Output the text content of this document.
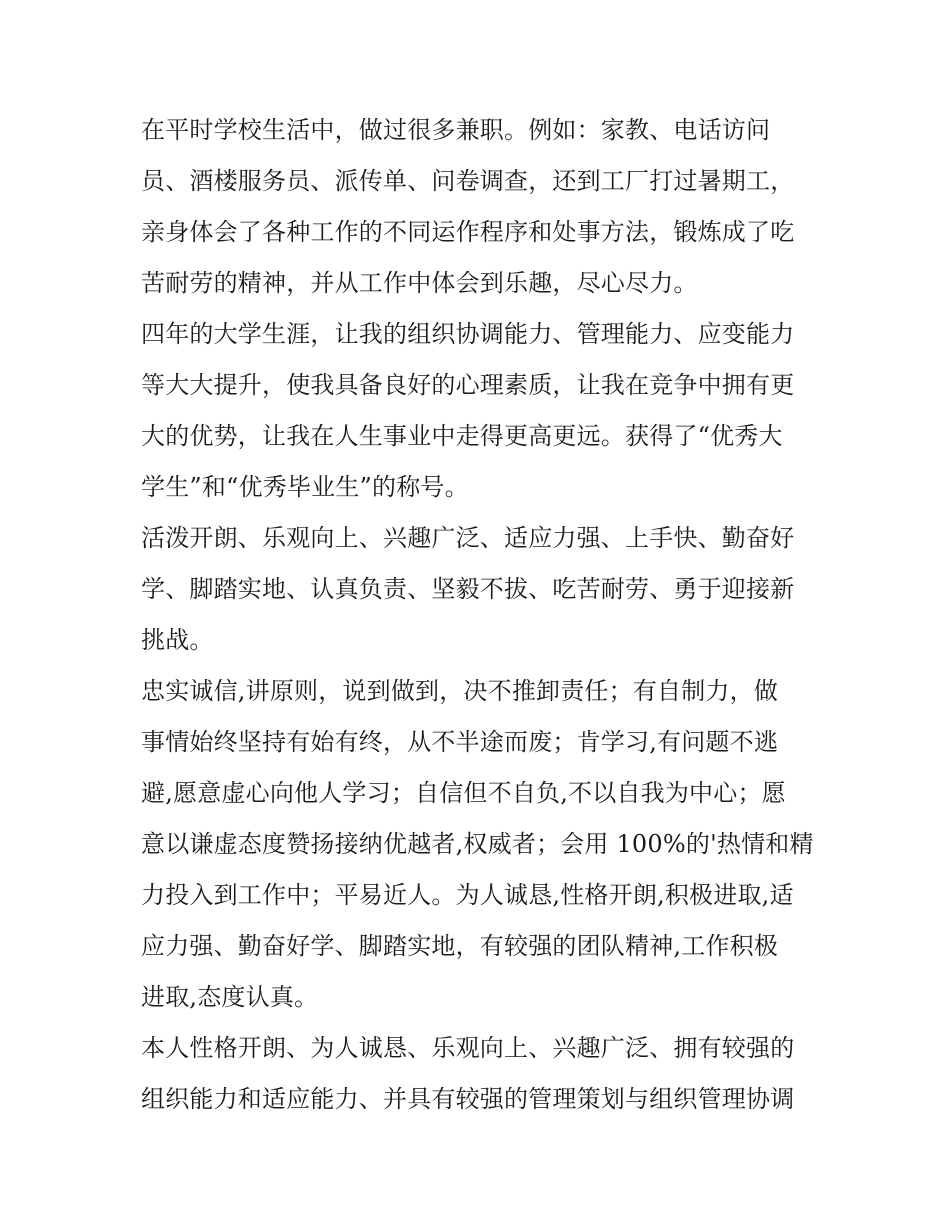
在平时学校生活中，做过很多兼职。例如：家教、电话访问
员、酒楼服务员、派传单、问卷调查，还到工厂打过暑期工，
亲身体会了各种工作的不同运作程序和处事方法，锻炼成了吃
苦耐劳的精神，并从工作中体会到乐趣，尽心尽力。
四年的大学生涯，让我的组织协调能力、管理能力、应变能力
等大大提升，使我具备良好的心理素质，让我在竞争中拥有更
大的优势，让我在人生事业中走得更高更远。获得了“优秀大
学生”和“优秀毕业生”的称号。
活泼开朗、乐观向上、兴趣广泛、适应力强、上手快、勤奋好
学、脚踏实地、认真负责、坚毅不拔、吃苦耐劳、勇于迎接新
挑战。
忠实诚信,讲原则，说到做到，决不推卸责任；有自制力，做
事情始终坚持有始有终，从不半途而废；肯学习,有问题不逃
避,愿意虚心向他人学习；自信但不自负,不以自我为中心；愿
意以谦虚态度赞扬接纳优越者,权威者；会用 100%的'热情和精
力投入到工作中；平易近人。为人诚恳,性格开朗,积极进取,适
应力强、勤奋好学、脚踏实地，有较强的团队精神,工作积极
进取,态度认真。
本人性格开朗、为人诚恳、乐观向上、兴趣广泛、拥有较强的
组织能力和适应能力、并具有较强的管理策划与组织管理协调
